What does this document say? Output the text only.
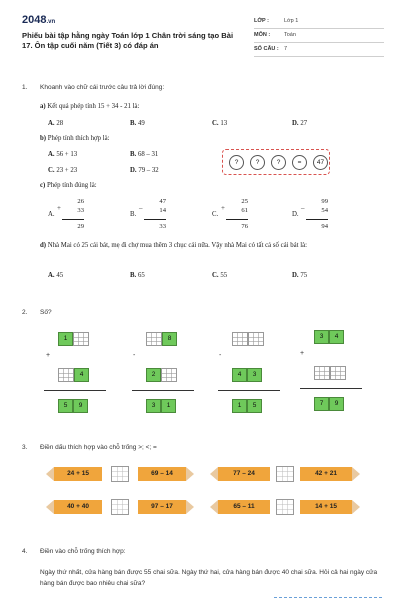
2048.vn
Phiếu bài tập hằng ngày Toán lớp 1 Chân trời sáng tạo Bài 17. Ôn tập cuối năm (Tiết 3) có đáp án
LỚP :	Lớp 1
MÔN :	Toán
SỐ CÂU : 7
1. Khoanh vào chữ cái trước câu trả lời đúng:
a) Kết quả phép tính 15 + 34 - 21 là:
A. 28	B. 49	C. 13	D. 27
b) Phép tính thích hợp là:
A. 56 + 13	B. 68 – 31
C. 23 + 23	D. 79 – 32
?	?	?	=	47
c) Phép tính đúng là:
A.
+
26
33
29
B.
–
47
14
33
C.
+
25
61
76
D.
–
99
54
94
d) Nhà Mai có 25 cái bát, mẹ đi chợ mua thêm 3 chục cái nữa. Vậy nhà Mai có tất cả số cái bát là:
A. 45	B. 65	C. 55	D. 75
2. Số?
1
+
4
5	9
8
-
2
3	1
-
4	3
1	5
3	4
+
7	9
3. Điền dấu thích hợp vào chỗ trống >; <; =
24 + 15	69 – 14	77 – 24	42 + 21
40 + 40	97 – 17	65 – 11	14 + 15
4. Điền vào chỗ trống thích hợp:
Ngày thứ nhất, cửa hàng bán được 55 chai sữa. Ngày thứ hai, cửa hàng bán được 40 chai sữa. Hỏi cả hai ngày cửa hàng bán được bao nhiêu chai sữa?
